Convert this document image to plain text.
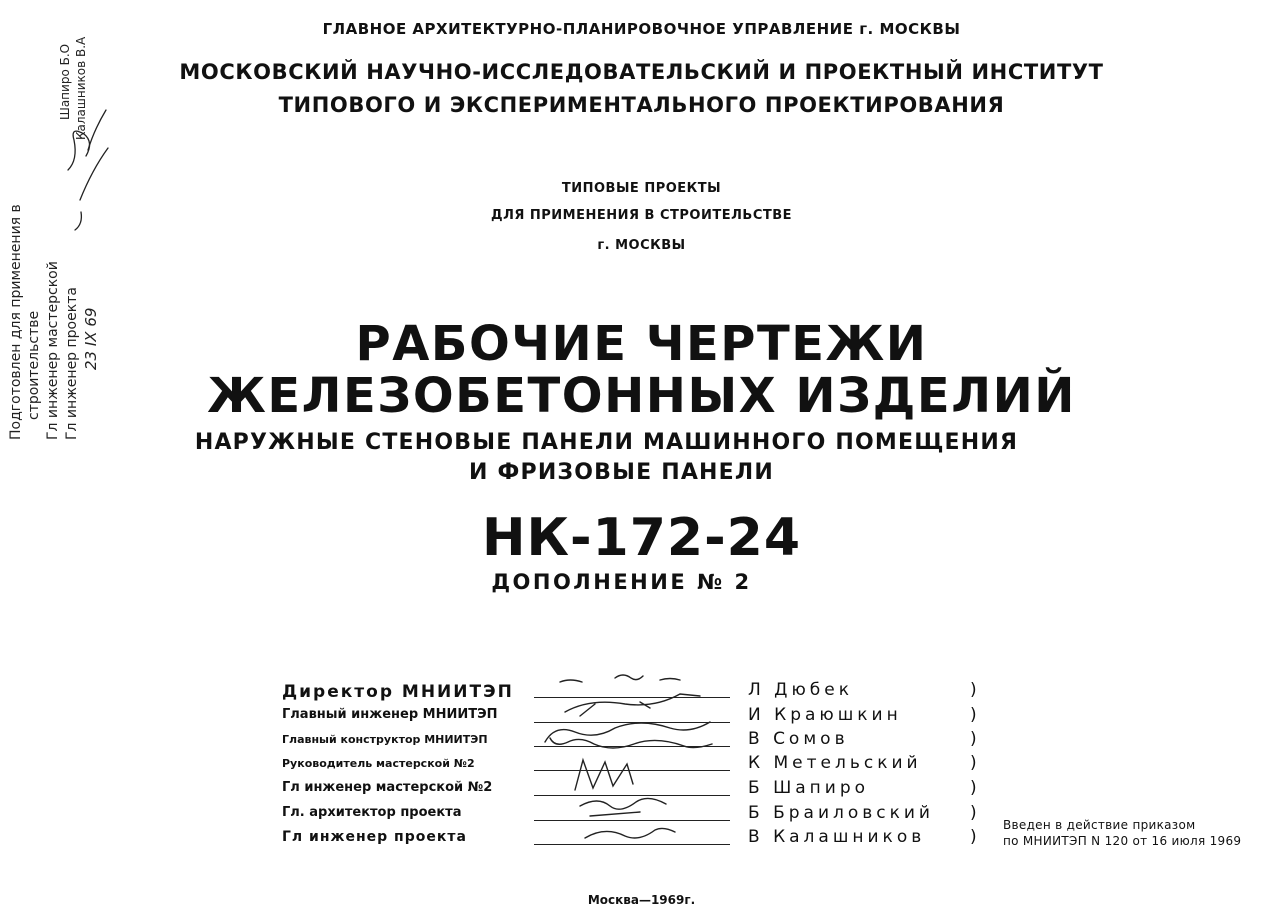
ГЛАВНОЕ АРХИТЕКТУРНО-ПЛАНИРОВОЧНОЕ УПРАВЛЕНИЕ г. МОСКВЫ
МОСКОВСКИЙ НАУЧНО-ИССЛЕДОВАТЕЛЬСКИЙ И ПРОЕКТНЫЙ ИНСТИТУТ
ТИПОВОГО И ЭКСПЕРИМЕНТАЛЬНОГО ПРОЕКТИРОВАНИЯ
ТИПОВЫЕ ПРОЕКТЫ
ДЛЯ ПРИМЕНЕНИЯ В СТРОИТЕЛЬСТВЕ
г. МОСКВЫ
РАБОЧИЕ ЧЕРТЕЖИ
ЖЕЛЕЗОБЕТОННЫХ ИЗДЕЛИЙ
НАРУЖНЫЕ СТЕНОВЫЕ ПАНЕЛИ МАШИННОГО ПОМЕЩЕНИЯ
И ФРИЗОВЫЕ ПАНЕЛИ
НК-172-24
ДОПОЛНЕНИЕ № 2
Директор МНИИТЭП	Л Дюбек	)
Главный инженер МНИИТЭП	И Краюшкин	)
Главный конструктор МНИИТЭП	В Сомов	)
Руководитель мастерской №2	К Метельский	)
Гл инженер мастерской №2	Б Шапиро	)
Гл. архитектор проекта	Б Браиловский )
Гл инженер проекта	В Калашников	)
Введен в действие приказом
по МНИИТЭП N 120 от 16 июля 1969
Москва—1969г.
Подготовлен для применения в строительстве Гл инженер мастерской Гл инженер проекта 23 IX 69
Шапиро Б.О Калашников В.А
